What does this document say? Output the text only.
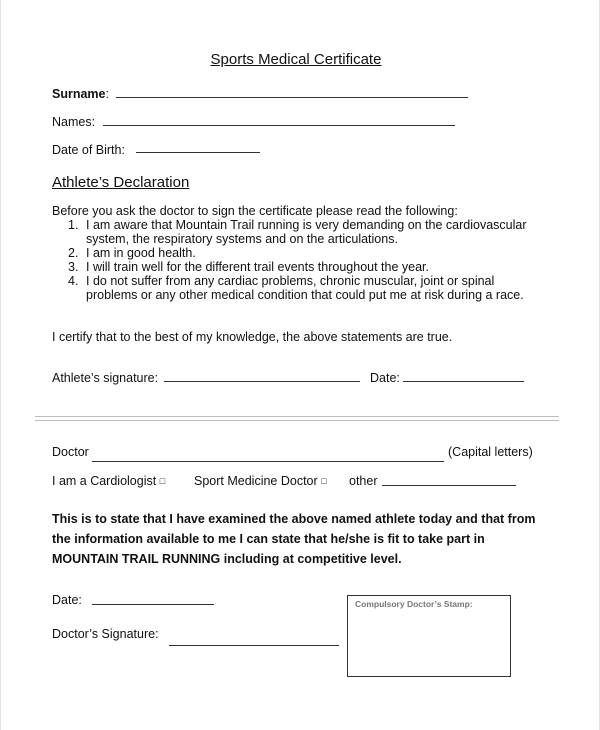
Sports Medical Certificate
Surname:
Names:
Date of Birth:
Athlete’s Declaration
Before you ask the doctor to sign the certificate please read the following:
1. I am aware that Mountain Trail running is very demanding on the cardiovascular system, the respiratory systems and on the articulations.
2. I am in good health.
3. I will train well for the different trail events throughout the year.
4. I do not suffer from any cardiac problems, chronic muscular, joint or spinal problems or any other medical condition that could put me at risk during a race.
I certify that to the best of my knowledge, the above statements are true.
Athlete’s signature:	Date:
Doctor	(Capital letters)
I am a Cardiologist □ Sport Medicine Doctor □ other
This is to state that I have examined the above named athlete today and that from the information available to me I can state that he/she is fit to take part in MOUNTAIN TRAIL RUNNING including at competitive level.
Date:
Doctor’s Signature:
Compulsory Doctor’s Stamp:
